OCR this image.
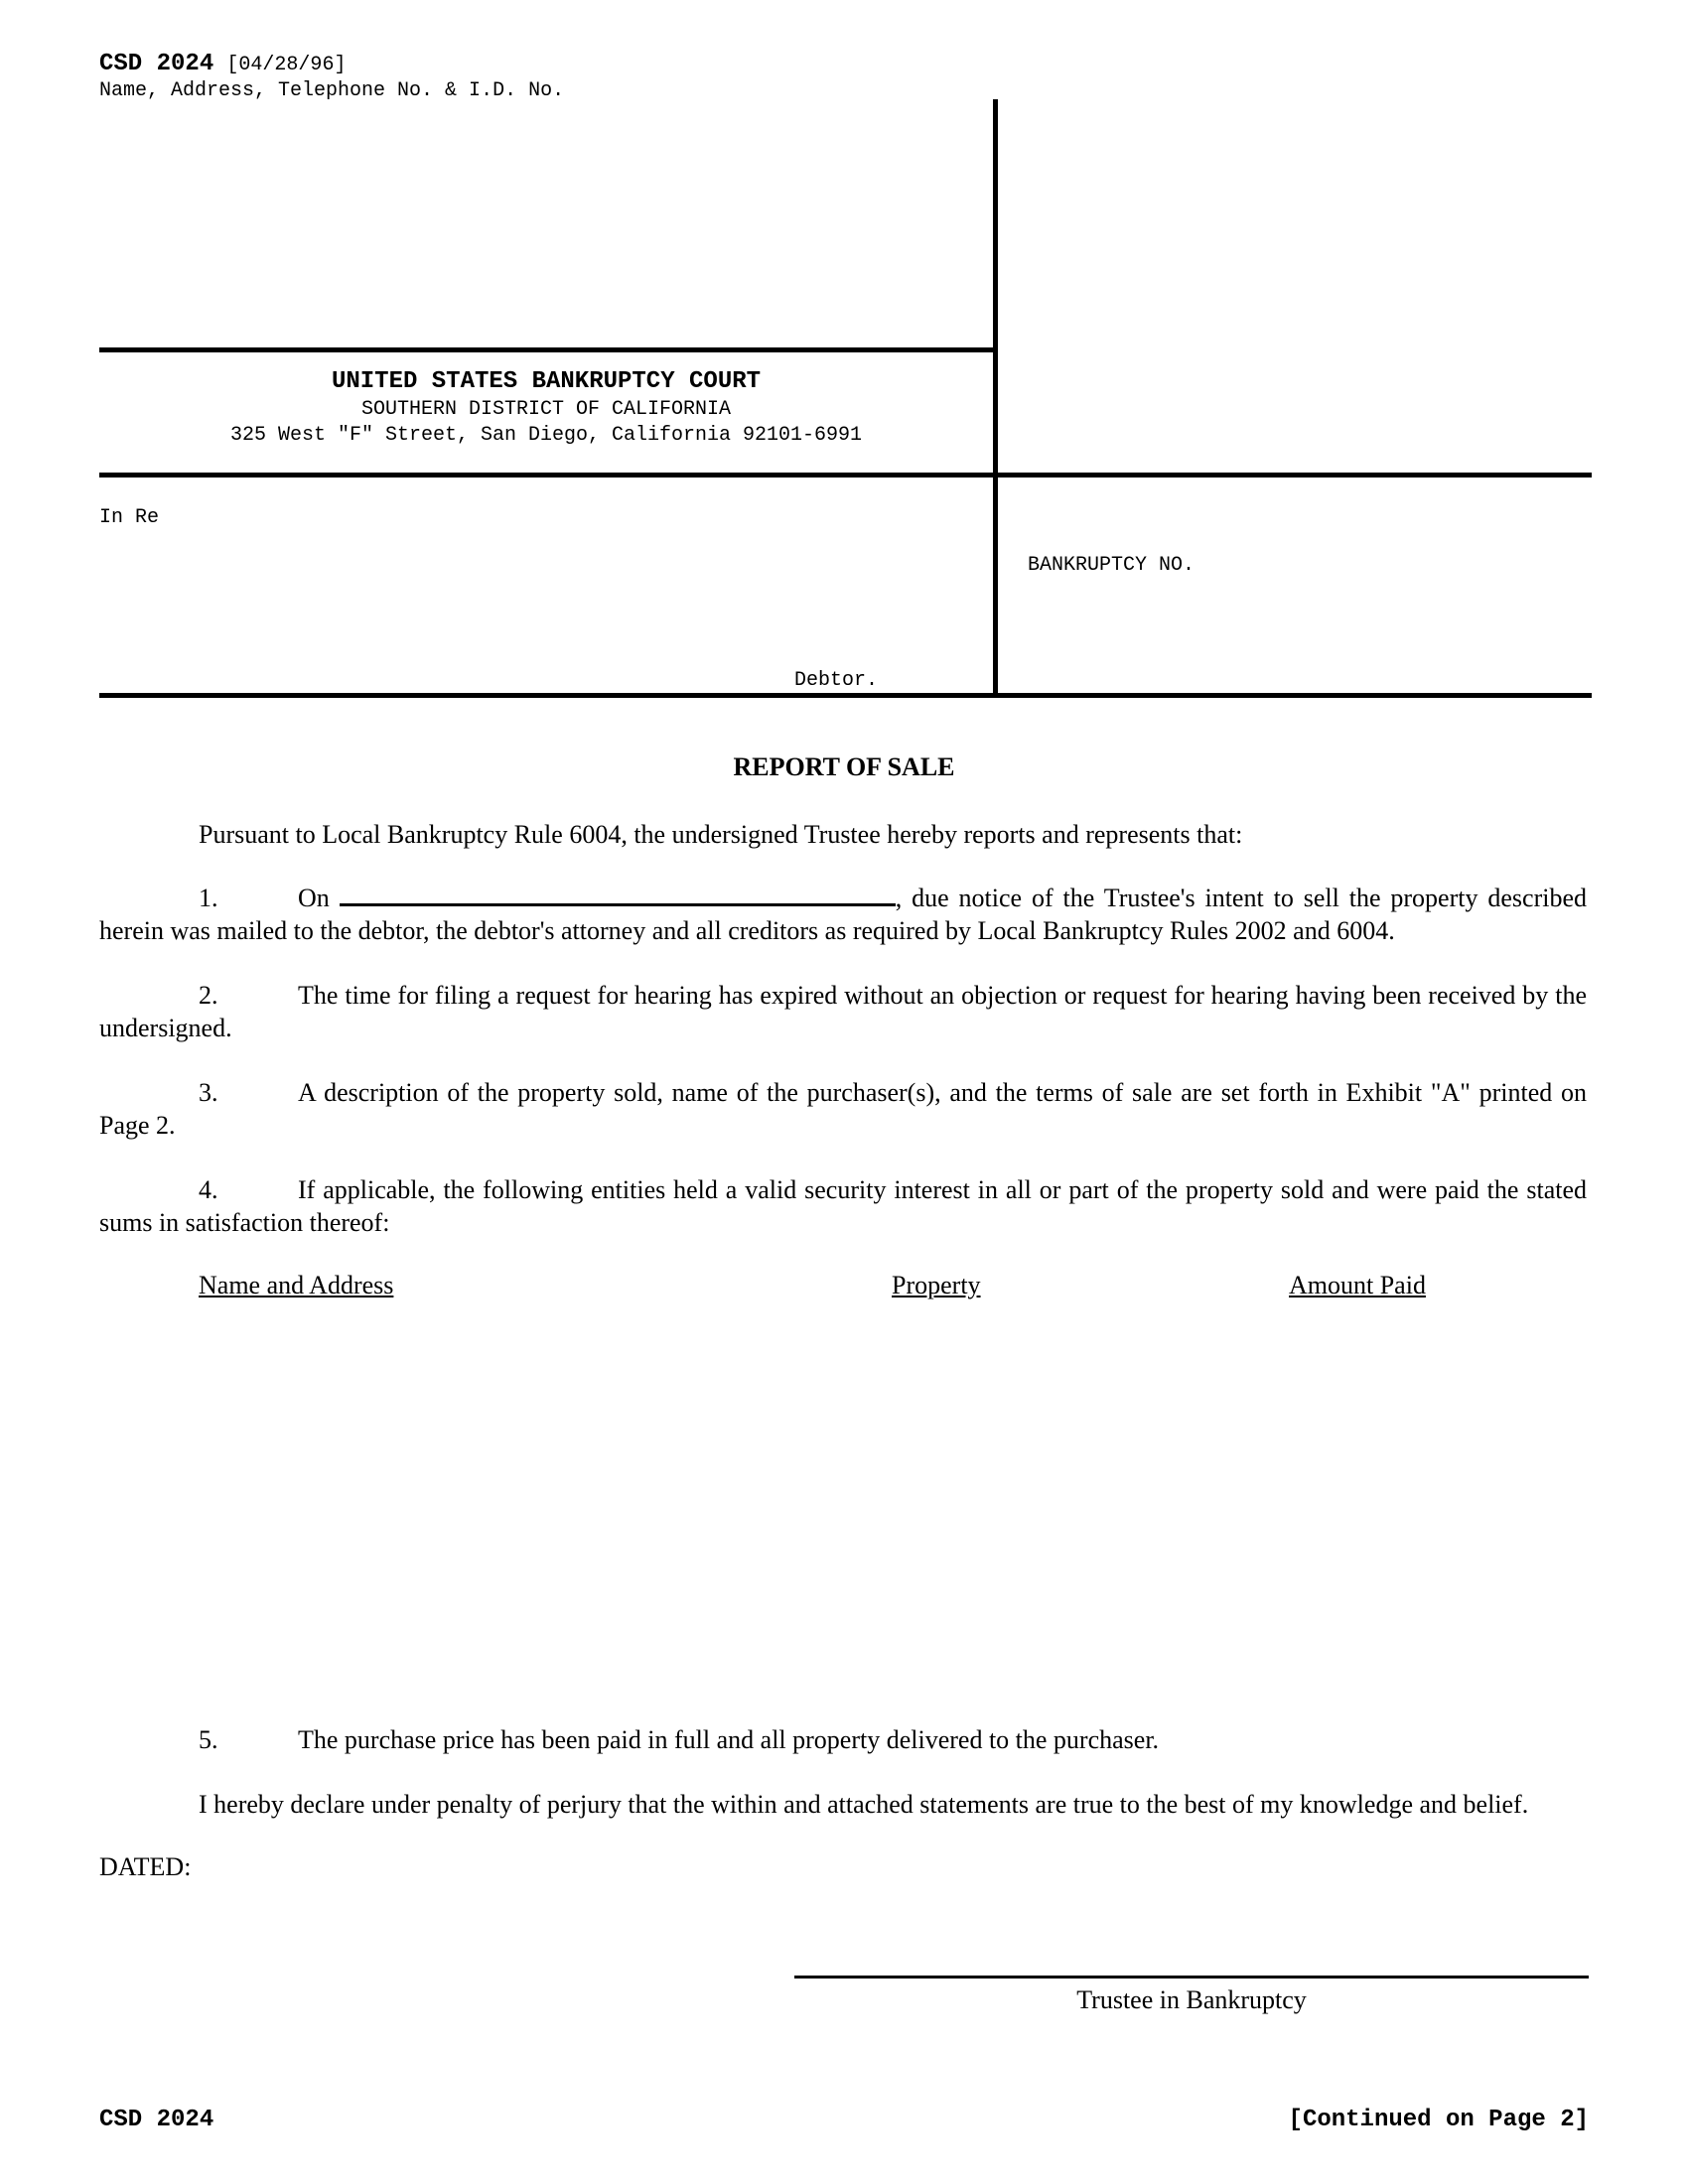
CSD 2024 [04/28/96]
Name, Address, Telephone No. & I.D. No.
UNITED STATES BANKRUPTCY COURT
SOUTHERN DISTRICT OF CALIFORNIA
325 West "F" Street, San Diego, California 92101-6991
In Re
Debtor.
BANKRUPTCY NO.
REPORT OF SALE
Pursuant to Local Bankruptcy Rule 6004, the undersigned Trustee hereby reports and represents that:
1.	On	, due notice of the Trustee's intent to sell the property described herein was mailed to the debtor, the debtor's attorney and all creditors as required by Local Bankruptcy Rules 2002 and 6004.
2.	The time for filing a request for hearing has expired without an objection or request for hearing having been received by the undersigned.
3.	A description of the property sold, name of the purchaser(s), and the terms of sale are set forth in Exhibit "A" printed on Page 2.
4.	If applicable, the following entities held a valid security interest in all or part of the property sold and were paid the stated sums in satisfaction thereof:
Name and Address	Property	Amount Paid
5.	The purchase price has been paid in full and all property delivered to the purchaser.
I hereby declare under penalty of perjury that the within and attached statements are true to the best of my knowledge and belief.
DATED:
Trustee in Bankruptcy
CSD 2024	[Continued on Page 2]
